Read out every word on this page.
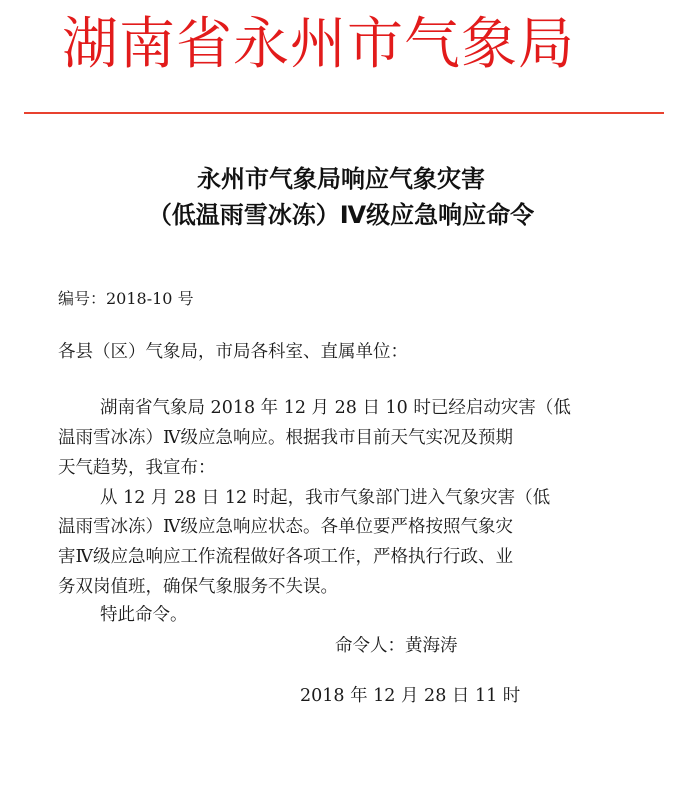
湖南省永州市气象局
永州市气象局响应气象灾害
（低温雨雪冰冻）Ⅳ级应急响应命令
编号：2018-10 号
各县（区）气象局，市局各科室、直属单位：
湖南省气象局 2018 年 12 月 28 日 10 时已经启动灾害（低
温雨雪冰冻）Ⅳ级应急响应。根据我市目前天气实况及预期
天气趋势，我宣布：
从 12 月 28 日 12 时起，我市气象部门进入气象灾害（低
温雨雪冰冻）Ⅳ级应急响应状态。各单位要严格按照气象灾
害Ⅳ级应急响应工作流程做好各项工作，严格执行行政、业
务双岗值班，确保气象服务不失误。
特此命令。
命令人：黄海涛
2018 年 12 月 28 日 11 时
